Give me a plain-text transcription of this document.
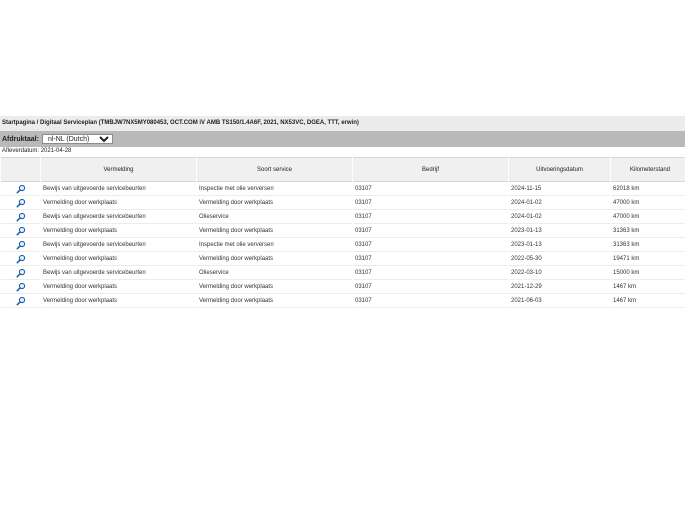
Startpagina / Digitaal Serviceplan (TMBJW7NX5MY080453, OCT.COM iV AMB TS150/1.4A6F, 2021, NX53VC, DGEA, TTT, erwin)
Afdruktaal:
nl-NL (Dutch)
Afleverdatum: 2021-04-28
	Vermelding	Soort service	Bedrijf	Uitvoeringsdatum	Kilometerstand
	Bewijs van uitgevoerde servicebeurten	Inspectie met olie verversen	03107	2024-11-15	62018 km
	Vermelding door werkplaats	Vermelding door werkplaats	03107	2024-01-02	47000 km
	Bewijs van uitgevoerde servicebeurten	Olieservice	03107	2024-01-02	47000 km
	Vermelding door werkplaats	Vermelding door werkplaats	03107	2023-01-13	31363 km
	Bewijs van uitgevoerde servicebeurten	Inspectie met olie verversen	03107	2023-01-13	31363 km
	Vermelding door werkplaats	Vermelding door werkplaats	03107	2022-05-30	19471 km
	Bewijs van uitgevoerde servicebeurten	Olieservice	03107	2022-03-10	15000 km
	Vermelding door werkplaats	Vermelding door werkplaats	03107	2021-12-29	1467 km
	Vermelding door werkplaats	Vermelding door werkplaats	03107	2021-06-03	1467 km
